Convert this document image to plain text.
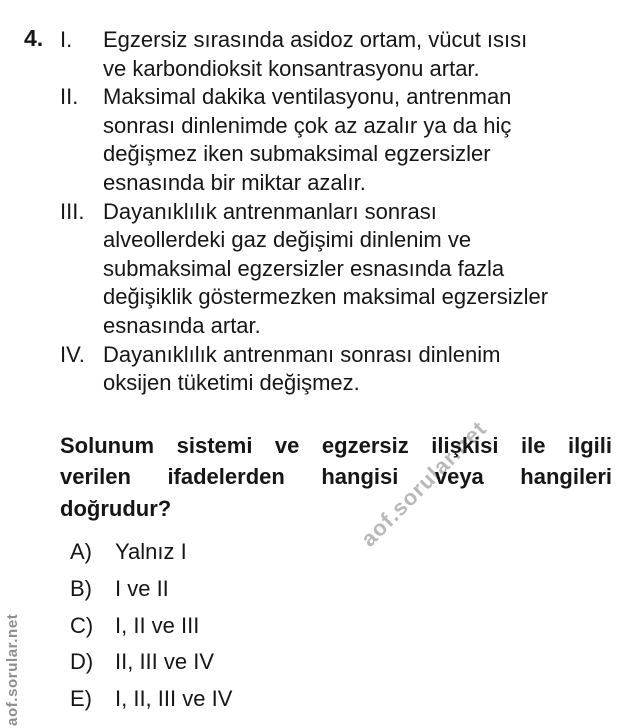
aof.sorular.net
aof.sorular.net
4. I.	Egzersiz sırasında asidoz ortam, vücut ısısı
ve karbondioksit konsantrasyonu artar.
II.	Maksimal dakika ventilasyonu, antrenman
sonrası dinlenimde çok az azalır ya da hiç
değişmez iken submaksimal egzersizler
esnasında bir miktar azalır.
III. Dayanıklılık antrenmanları sonrası
alveollerdeki gaz değişimi dinlenim ve
submaksimal egzersizler esnasında fazla
değişiklik göstermezken maksimal egzersizler
esnasında artar.
IV. Dayanıklılık antrenmanı sonrası dinlenim
oksijen tüketimi değişmez.
Solunum sistemi ve egzersiz ilişkisi ile ilgili
verilen ifadelerden hangisi veya hangileri
doğrudur?
A)	Yalnız I
B)	I ve II
C) I, II ve III
D) II, III ve IV
E)	I, II, III ve IV
